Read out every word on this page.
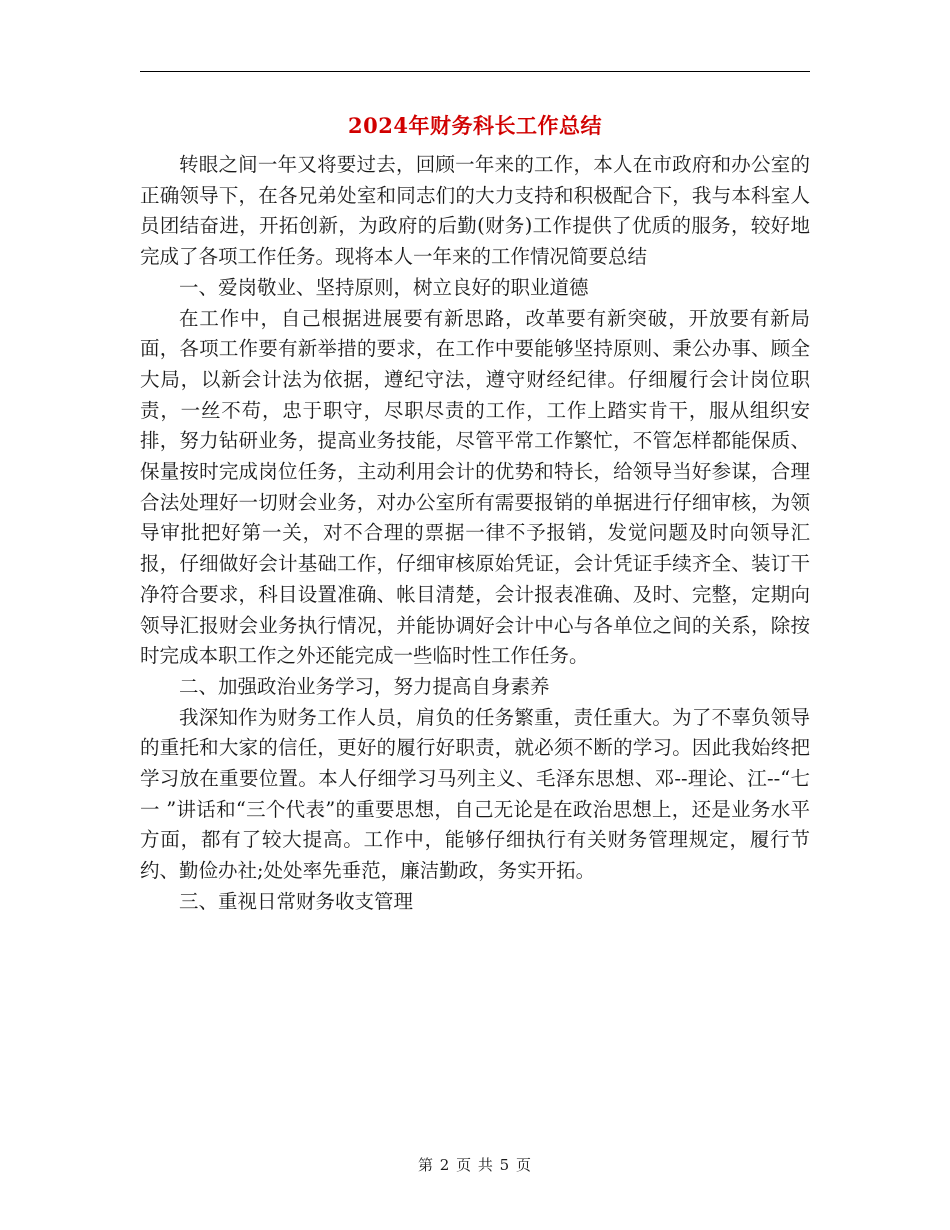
2024年财务科长工作总结

转眼之间一年又将要过去，回顾一年来的工作，本人在市政府和办公室的正确领导下，在各兄弟处室和同志们的大力支持和积极配合下，我与本科室人员团结奋进，开拓创新，为政府的后勤(财务)工作提供了优质的服务，较好地完成了各项工作任务。现将本人一年来的工作情况简要总结

一、爱岗敬业、坚持原则，树立良好的职业道德

在工作中，自己根据进展要有新思路，改革要有新突破，开放要有新局面，各项工作要有新举措的要求，在工作中要能够坚持原则、秉公办事、顾全大局，以新会计法为依据，遵纪守法，遵守财经纪律。仔细履行会计岗位职责，一丝不苟，忠于职守，尽职尽责的工作，工作上踏实肯干，服从组织安排，努力钻研业务，提高业务技能，尽管平常工作繁忙，不管怎样都能保质、保量按时完成岗位任务，主动利用会计的优势和特长，给领导当好参谋，合理合法处理好一切财会业务，对办公室所有需要报销的单据进行仔细审核，为领导审批把好第一关，对不合理的票据一律不予报销，发觉问题及时向领导汇报，仔细做好会计基础工作，仔细审核原始凭证，会计凭证手续齐全、装订干净符合要求，科目设置准确、帐目清楚，会计报表准确、及时、完整，定期向领导汇报财会业务执行情况，并能协调好会计中心与各单位之间的关系，除按时完成本职工作之外还能完成一些临时性工作任务。

二、加强政治业务学习，努力提高自身素养

我深知作为财务工作人员，肩负的任务繁重，责任重大。为了不辜负领导的重托和大家的信任，更好的履行好职责，就必须不断的学习。因此我始终把学习放在重要位置。本人仔细学习马列主义、毛泽东思想、邓--理论、江--“七一 ”讲话和“三个代表”的重要思想，自己无论是在政治思想上，还是业务水平方面，都有了较大提高。工作中，能够仔细执行有关财务管理规定，履行节约、勤俭办社;处处率先垂范，廉洁勤政，务实开拓。

三、重视日常财务收支管理

第 2 页 共 5 页
